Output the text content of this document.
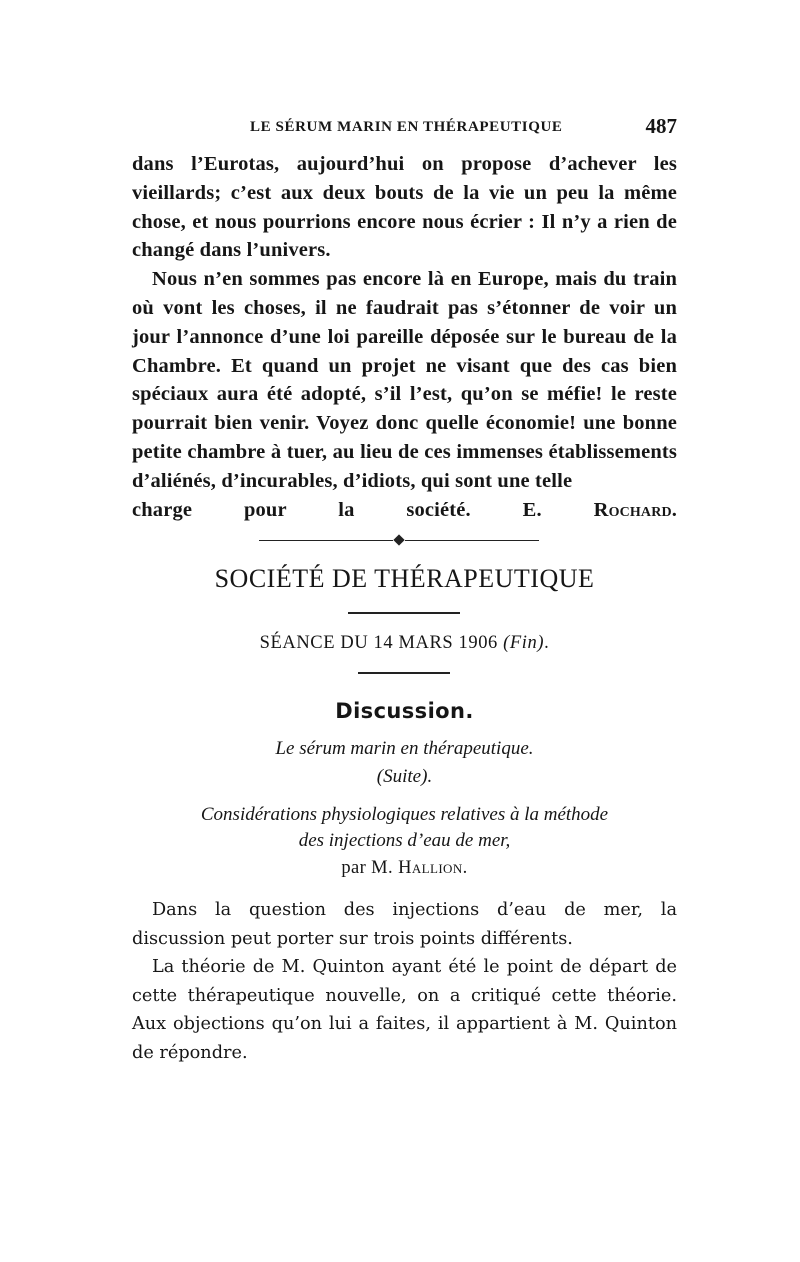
LE SÉRUM MARIN EN THÉRAPEUTIQUE	487

dans l’Eurotas, aujourd’hui on propose d’achever les vieillards; c’est aux deux bouts de la vie un peu la même chose, et nous pourrions encore nous écrier : Il n’y a rien de changé dans l’univers.

Nous n’en sommes pas encore là en Europe, mais du train où vont les choses, il ne faudrait pas s’étonner de voir un jour l’annonce d’une loi pareille déposée sur le bureau de la Chambre. Et quand un projet ne visant que des cas bien spéciaux aura été adopté, s’il l’est, qu’on se méfie! le reste pourrait bien venir. Voyez donc quelle économie! une bonne petite chambre à tuer, au lieu de ces immenses établissements d’aliénés, d’incurables, d’idiots, qui sont une telle

charge pour la société.	E. Rochard.

SOCIÉTÉ DE THÉRAPEUTIQUE
SÉANCE DU 14 MARS 1906 (Fin).
Discussion.
Le sérum marin en thérapeutique.
(Suite).
Considérations physiologiques relatives à la méthode
des injections d’eau de mer,
par M. Hallion.

Dans la question des injections d’eau de mer, la discussion peut porter sur trois points différents.

La théorie de M. Quinton ayant été le point de départ de cette thérapeutique nouvelle, on a critiqué cette théorie. Aux objections qu’on lui a faites, il appartient à M. Quinton de répondre.
